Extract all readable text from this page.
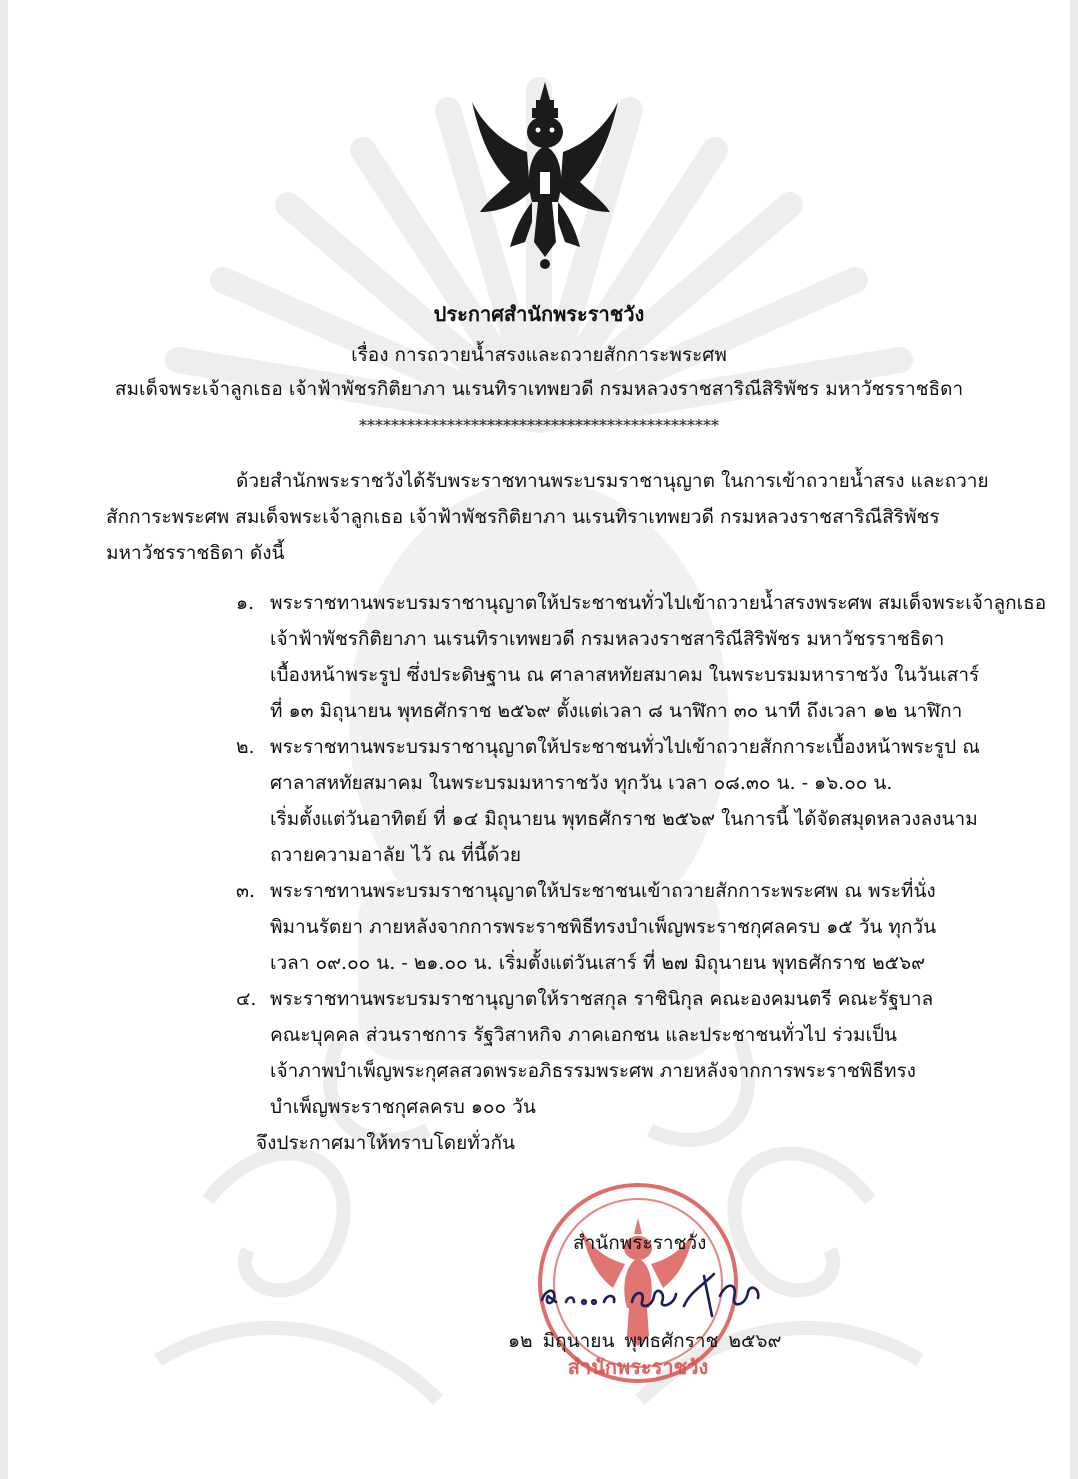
ประกาศสำนักพระราชวัง
เรื่อง การถวายน้ำสรงและถวายสักการะพระศพ
สมเด็จพระเจ้าลูกเธอ เจ้าฟ้าพัชรกิติยาภา นเรนทิราเทพยวดี กรมหลวงราชสาริณีสิริพัชร มหาวัชรราชธิดา
*********************************************
ด้วยสำนักพระราชวังได้รับพระราชทานพระบรมราชานุญาต ในการเข้าถวายน้ำสรง และถวาย
สักการะพระศพ สมเด็จพระเจ้าลูกเธอ เจ้าฟ้าพัชรกิติยาภา นเรนทิราเทพยวดี กรมหลวงราชสาริณีสิริพัชร
มหาวัชรราชธิดา ดังนี้
๑. พระราชทานพระบรมราชานุญาตให้ประชาชนทั่วไปเข้าถวายน้ำสรงพระศพ สมเด็จพระเจ้าลูกเธอ
เจ้าฟ้าพัชรกิติยาภา นเรนทิราเทพยวดี กรมหลวงราชสาริณีสิริพัชร มหาวัชรราชธิดา
เบื้องหน้าพระรูป ซึ่งประดิษฐาน ณ ศาลาสหทัยสมาคม ในพระบรมมหาราชวัง ในวันเสาร์
ที่ ๑๓ มิถุนายน พุทธศักราช ๒๕๖๙ ตั้งแต่เวลา ๘ นาฬิกา ๓๐ นาที ถึงเวลา ๑๒ นาฬิกา
๒. พระราชทานพระบรมราชานุญาตให้ประชาชนทั่วไปเข้าถวายสักการะเบื้องหน้าพระรูป ณ
ศาลาสหทัยสมาคม ในพระบรมมหาราชวัง ทุกวัน เวลา ๐๘.๓๐ น. - ๑๖.๐๐ น.
เริ่มตั้งแต่วันอาทิตย์ ที่ ๑๔ มิถุนายน พุทธศักราช ๒๕๖๙ ในการนี้ ได้จัดสมุดหลวงลงนาม
ถวายความอาลัย ไว้ ณ ที่นี้ด้วย
๓. พระราชทานพระบรมราชานุญาตให้ประชาชนเข้าถวายสักการะพระศพ ณ พระที่นั่ง
พิมานรัตยา ภายหลังจากการพระราชพิธีทรงบำเพ็ญพระราชกุศลครบ ๑๕ วัน ทุกวัน
เวลา ๐๙.๐๐ น. - ๒๑.๐๐ น. เริ่มตั้งแต่วันเสาร์ ที่ ๒๗ มิถุนายน พุทธศักราช ๒๕๖๙
๔. พระราชทานพระบรมราชานุญาตให้ราชสกุล ราชินิกุล คณะองคมนตรี คณะรัฐบาล
คณะบุคคล ส่วนราชการ รัฐวิสาหกิจ ภาคเอกชน และประชาชนทั่วไป ร่วมเป็น
เจ้าภาพบำเพ็ญพระกุศลสวดพระอภิธรรมพระศพ ภายหลังจากการพระราชพิธีทรง
บำเพ็ญพระราชกุศลครบ ๑๐๐ วัน
จึงประกาศมาให้ทราบโดยทั่วกัน
สำนักพระราชวัง
สำนักพระราชวัง
๑๒ มิถุนายน พุทธศักราช ๒๕๖๙
